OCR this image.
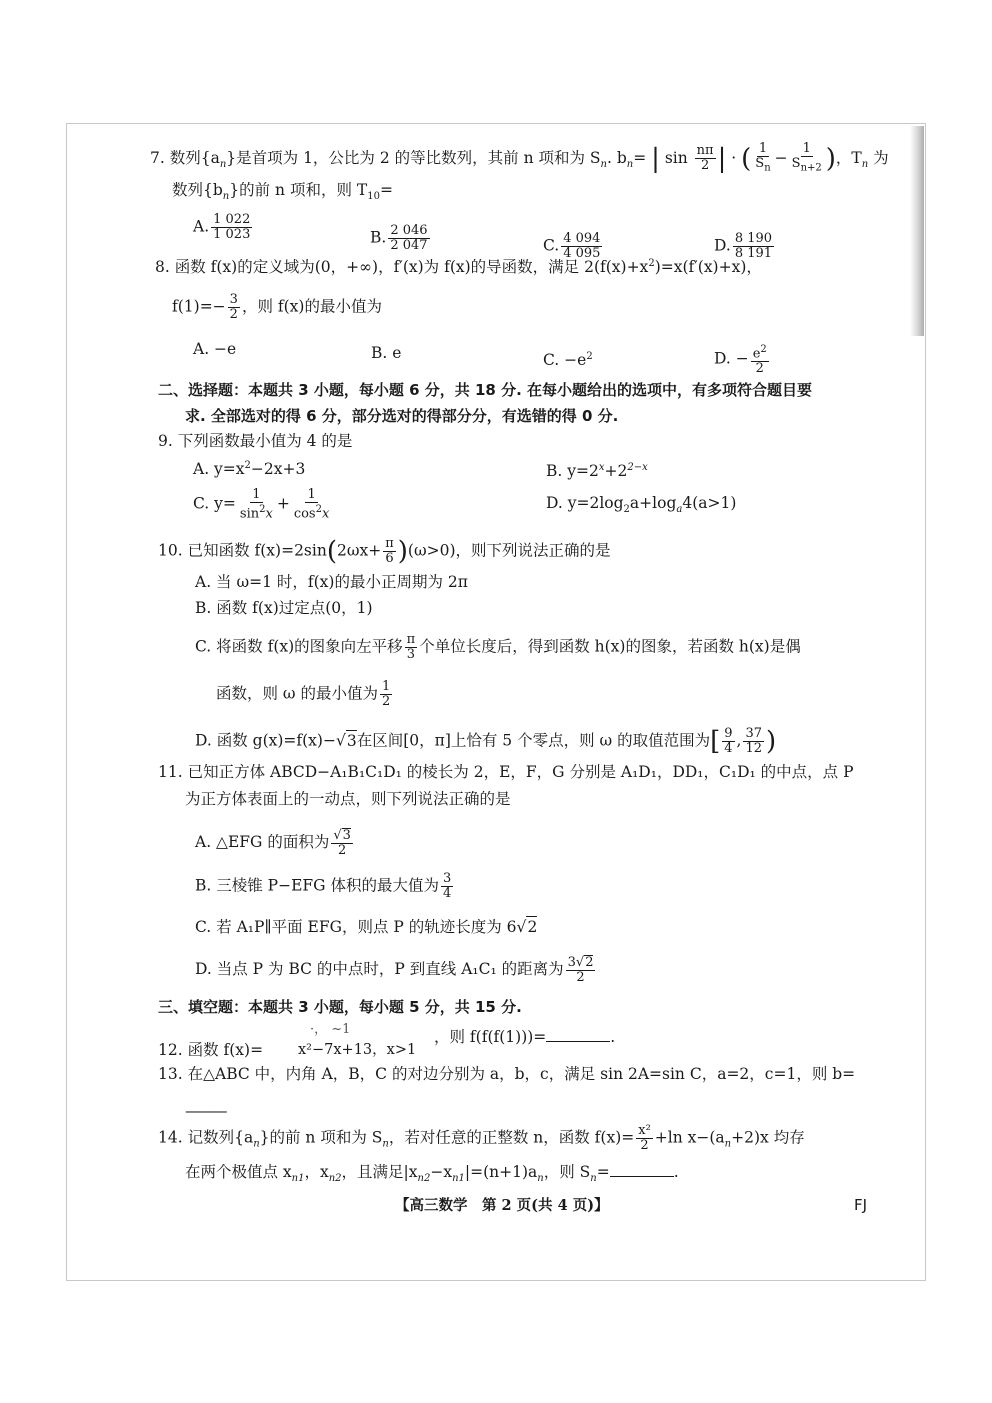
7. 数列$\{a_n\}$是首项为 1，公比为 2 的等比数列，其前 n 项和为 $S_n$. $b_n=$ | $\sin \frac{n\pi}{2}$ | · ( $\frac{1}{S_n} - \frac{1}{S_{n+2}}$ )，$T_n$ 为
数列$\{b_n\}$的前 n 项和，则 $T_{10}=$
A. $\frac{1 022}{1 023}$	B. $\frac{2 046}{2 047}$	C. $\frac{4 094}{4 095}$	D. $\frac{8 190}{8 191}$
8. 函数 f(x)的定义域为(0，+∞)，f′(x)为 f(x)的导函数，满足 $2(f(x)+x^2)=x(f'(x)+x)$，
$f(1)=- \frac{3}{2}$ ，则 f(x)的最小值为
A. −e	B. e	C. $-e^2$	D. − $\frac{e^2}{2}$
二、选择题：本题共 3 小题，每小题 6 分，共 18 分. 在每小题给出的选项中，有多项符合题目要
求. 全部选对的得 6 分，部分选对的得部分分，有选错的得 0 分.
9. 下列函数最小值为 4 的是
A. $y=x^2-2x+3$	B. $y=2^x+2^{2-x}$
C. $y= \frac{1}{\sin^2x} + \frac{1}{\cos^2x}$	D. $y=2\log_2a+\log_a4(a>1)$
10. 已知函数 $f(x)=2\sin(2\omega x+ \frac{\pi}{6} )(\omega>0)$，则下列说法正确的是
A. 当 ω=1 时，f(x)的最小正周期为 2π
B. 函数 f(x)过定点(0，1)
C. 将函数 f(x)的图象向左平移 $\frac{\pi}{3}$ 个单位长度后，得到函数 h(x)的图象，若函数 h(x)是偶
函数，则 ω 的最小值为 $\frac{1}{2}$
D. 函数 g(x)=f(x)−√3在区间[0，π]上恰有 5 个零点，则 ω 的取值范围为[ $\frac{9}{4}$ , $\frac{37}{12}$ )
11. 已知正方体 ABCD−A₁B₁C₁D₁ 的棱长为 2，E，F，G 分别是 A₁D₁，DD₁，C₁D₁ 的中点，点 P
为正方体表面上的一动点，则下列说法正确的是
A. △EFG 的面积为 $\frac{√3}{2}$
B. 三棱锥 P−EFG 体积的最大值为 $\frac{3}{4}$
C. 若 A₁P∥平面 EFG，则点 P 的轨迹长度为 6√2
D. 当点 P 为 BC 的中点时，P 到直线 A₁C₁ 的距离为 $\frac{3√2}{2}$
三、填空题：本题共 3 小题，每小题 5 分，共 15 分.
·， ~1
12. 函数 f(x)= x²−7x+13，x>1
，则 f(f(f(1)))=	.
13. 在△ABC 中，内角 A，B，C 的对边分别为 a，b，c，满足 sin 2A=sin C，a=2，c=1，则 b=
———
14. 记数列$\{a_n\}$的前 n 项和为 $S_n$，若对任意的正整数 n，函数 $f(x)= \frac{\text{x²}}{2} +\ln$ $x-(a_n+2)x$ 均存
在两个极值点 $x_{n1}$，$x_{n2}$，且满足$|x_{n2}-x_{n1}|=(n+1)a_n$，则 $S_n=$	.
【高三数学　第 2 页(共 4 页)】	FJ
